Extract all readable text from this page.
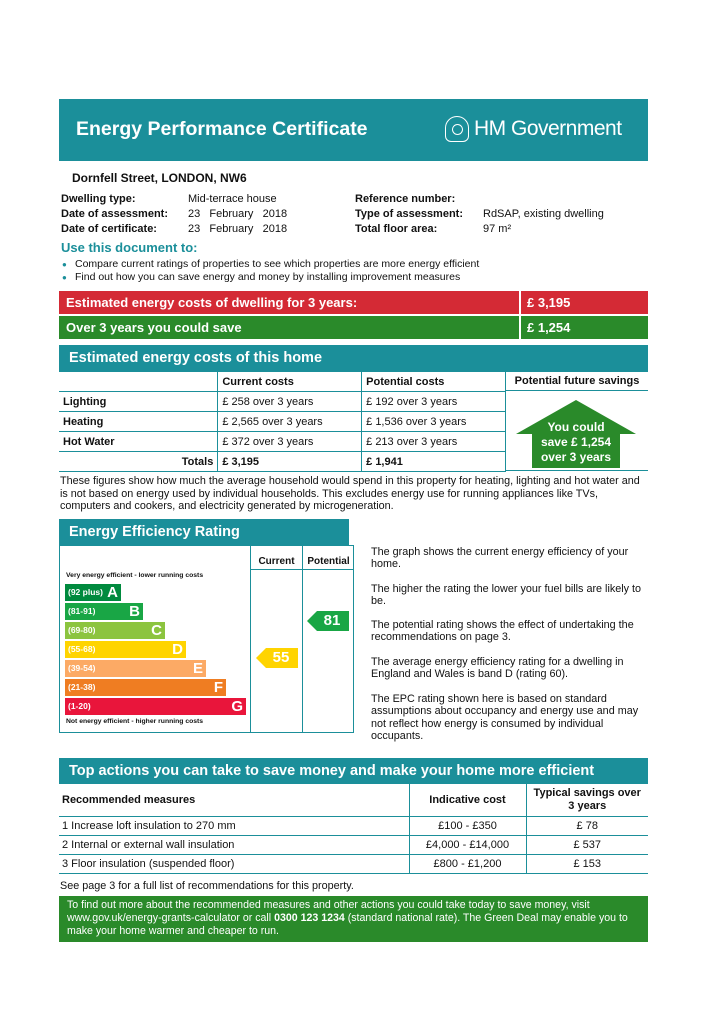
Energy Performance Certificate	HM Government
Dornfell Street, LONDON, NW6
Dwelling type:	Mid-terrace house
Date of assessment: 23   February   2018
Date of certificate:	23   February   2018
Reference number:
Type of assessment: RdSAP, existing dwelling
Total floor area:	97 m²
Use this document to:
● Compare current ratings of properties to see which properties are more energy efficient
● Find out how you can save energy and money by installing improvement measures
Estimated energy costs of dwelling for 3 years:	£ 3,195
Over 3 years you could save	£ 1,254
Estimated energy costs of this home
	Current costs	Potential costs
Lighting	£ 258 over 3 years	£ 192 over 3 years
Heating	£ 2,565 over 3 years	£ 1,536 over 3 years
Hot Water	£ 372 over 3 years	£ 213 over 3 years
Totals	£ 3,195	£ 1,941
Potential future savings
You could
save £ 1,254
over 3 years
These figures show how much the average household would spend in this property for heating, lighting and hot water and is not based on energy used by individual households. This excludes energy use for running appliances like TVs, computers and cookers, and electricity generated by microgeneration.
Energy Efficiency Rating
Current	Potential
Very energy efficient - lower running costs
(92 plus) A
(81-91) B
(69-80)	C
(55-68)	D
(39-54)	E
(21-38)	F
(1-20)	G
Not energy efficient - higher running costs
55
81
The graph shows the current energy efficiency of your home.
The higher the rating the lower your fuel bills are likely to be.
The potential rating shows the effect of undertaking the recommendations on page 3.
The average energy efficiency rating for a dwelling in England and Wales is band D (rating 60).
The EPC rating shown here is based on standard assumptions about occupancy and energy use and may not reflect how energy is consumed by individual occupants.
Top actions you can take to save money and make your home more efficient
Recommended measures	Indicative cost	Typical savings over 3 years
1 Increase loft insulation to 270 mm	£100 - £350	£ 78
2 Internal or external wall insulation	£4,000 - £14,000	£ 537
3 Floor insulation (suspended floor)	£800 - £1,200	£ 153
See page 3 for a full list of recommendations for this property.
To find out more about the recommended measures and other actions you could take today to save money, visit www.gov.uk/energy-grants-calculator or call 0300 123 1234 (standard national rate). The Green Deal may enable you to make your home warmer and cheaper to run.
